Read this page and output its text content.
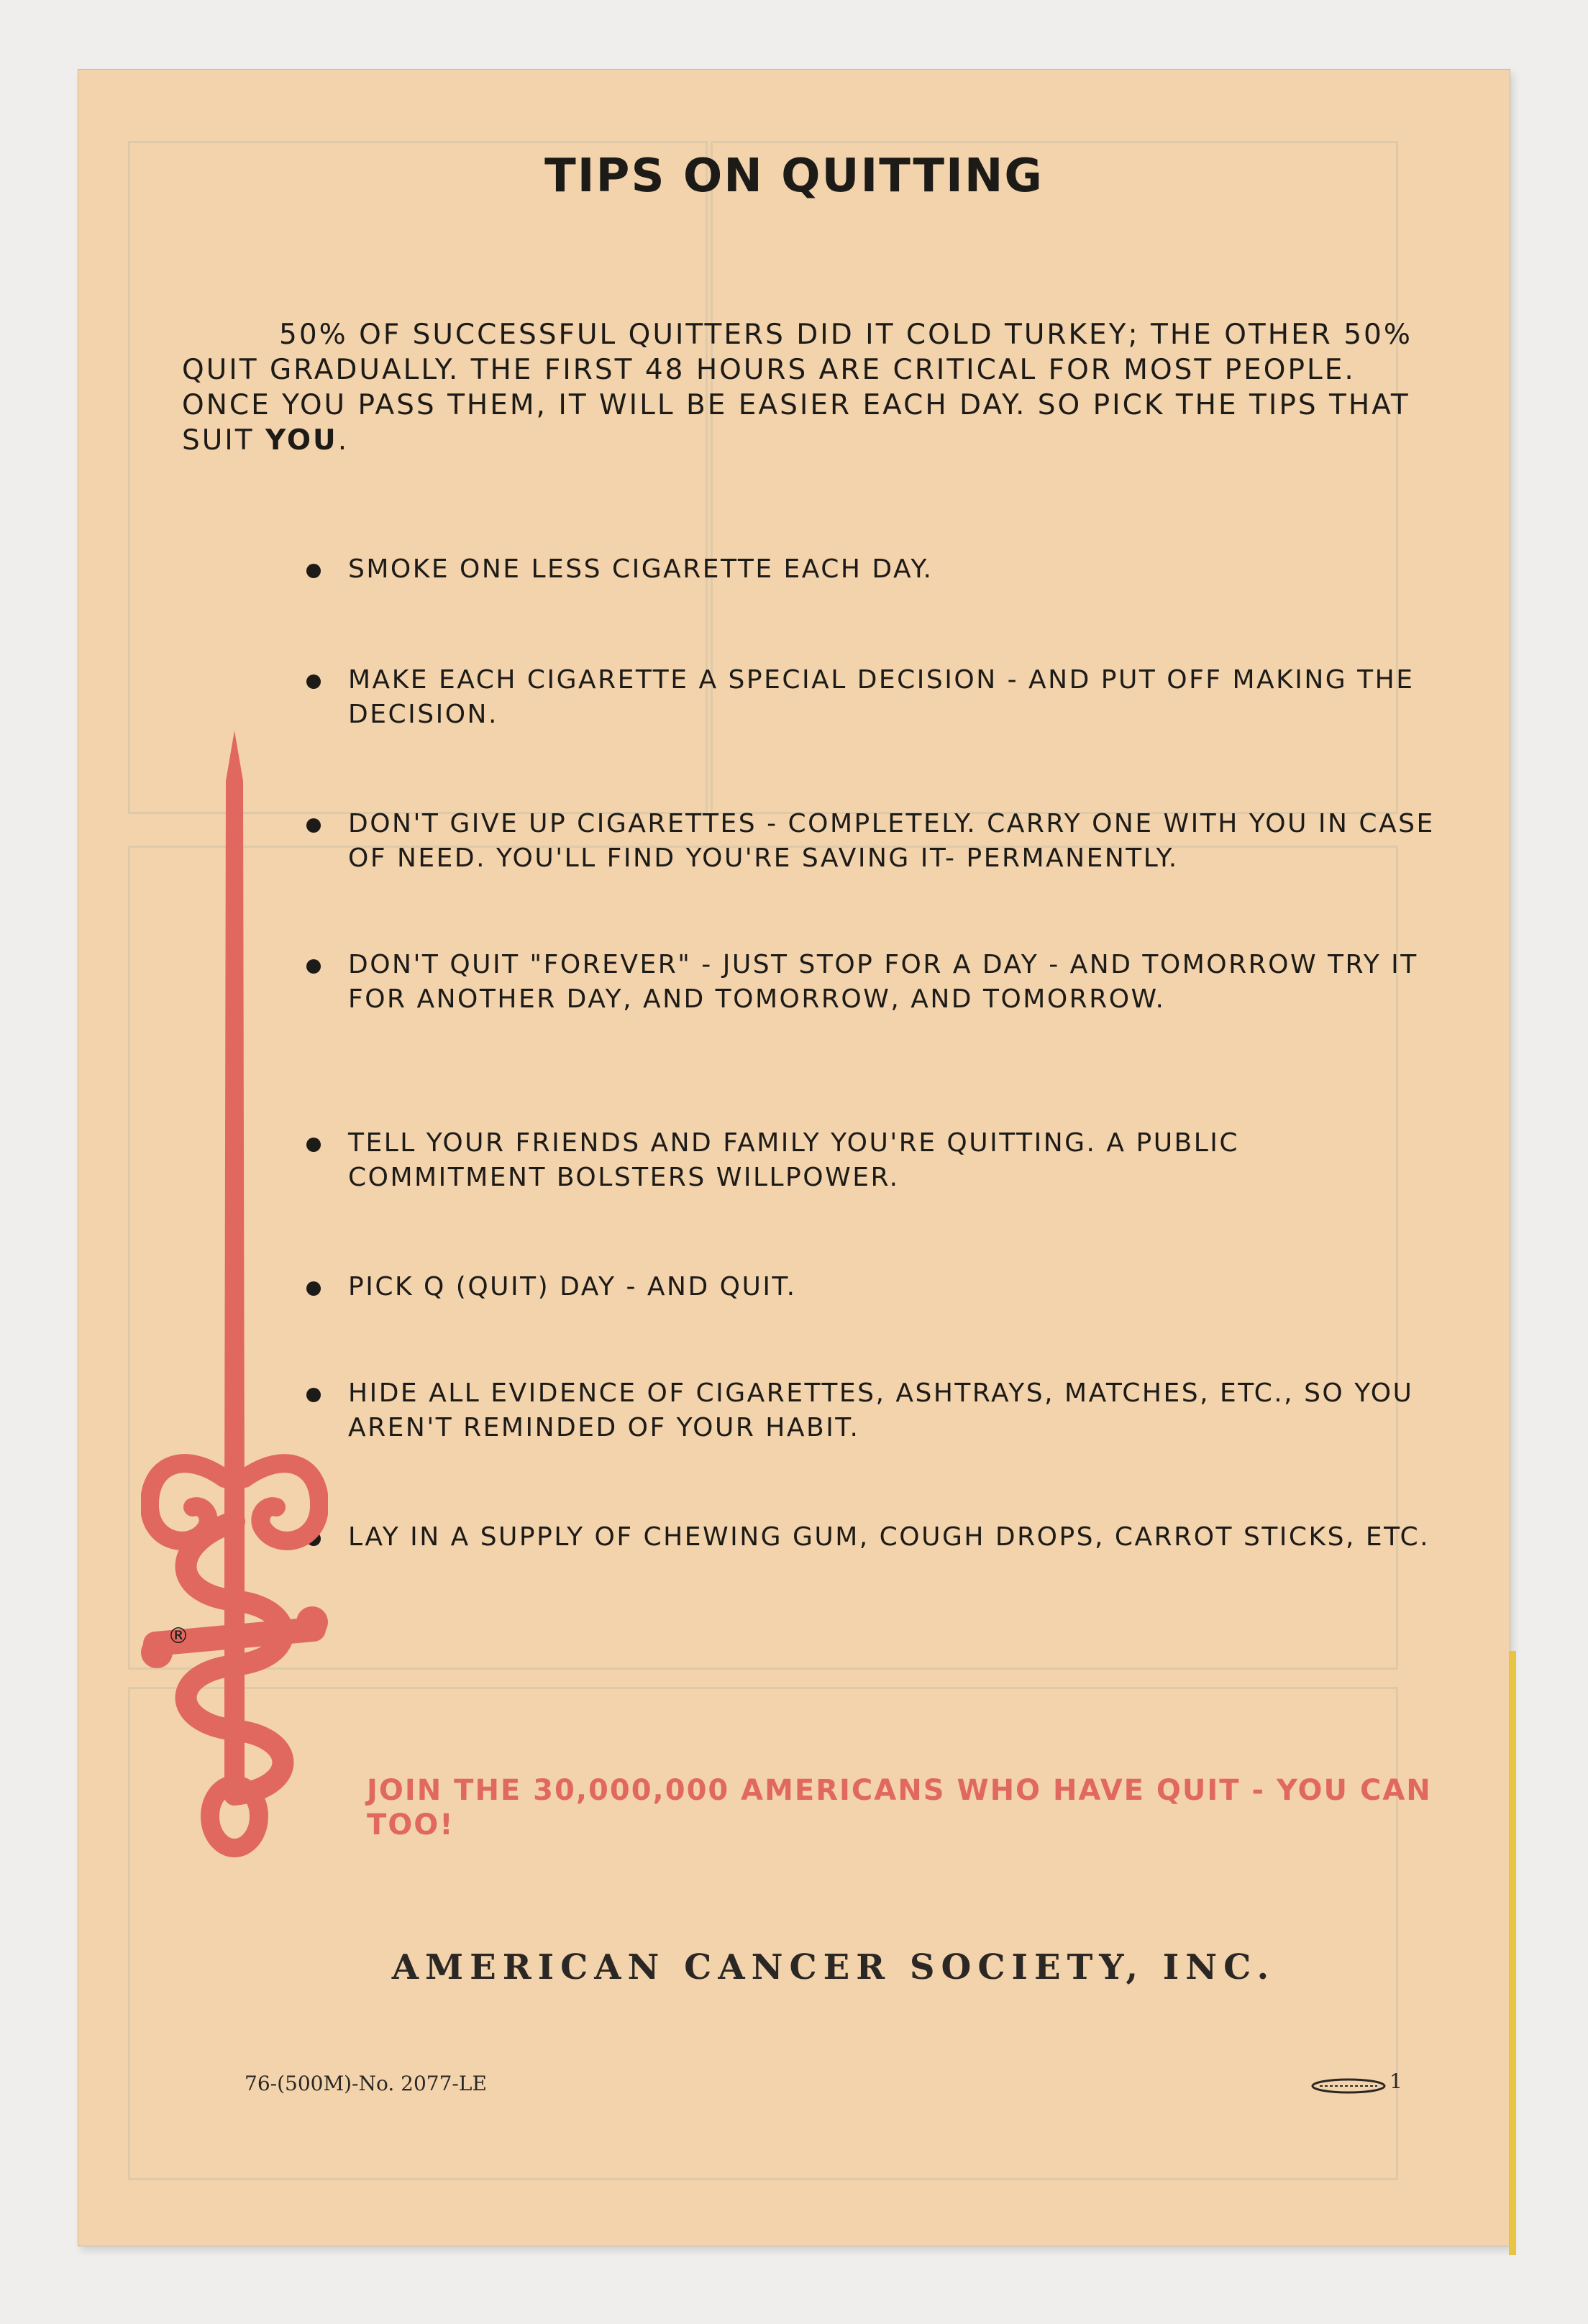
TIPS ON QUITTING

50% OF SUCCESSFUL QUITTERS DID IT COLD TURKEY; THE OTHER 50% QUIT GRADUALLY. THE FIRST 48 HOURS ARE CRITICAL FOR MOST PEOPLE. ONCE YOU PASS THEM, IT WILL BE EASIER EACH DAY. SO PICK THE TIPS THAT SUIT YOU.

SMOKE ONE LESS CIGARETTE EACH DAY.
MAKE EACH CIGARETTE A SPECIAL DECISION - AND PUT OFF MAKING THE DECISION.
DON'T GIVE UP CIGARETTES - COMPLETELY. CARRY ONE WITH YOU IN CASE OF NEED. YOU'LL FIND YOU'RE SAVING IT- PERMANENTLY.
DON'T QUIT "FOREVER" - JUST STOP FOR A DAY - AND TOMORROW TRY IT FOR ANOTHER DAY, AND TOMORROW, AND TOMORROW.
TELL YOUR FRIENDS AND FAMILY YOU'RE QUITTING. A PUBLIC COMMITMENT BOLSTERS WILLPOWER.
PICK Q (QUIT) DAY - AND QUIT.
HIDE ALL EVIDENCE OF CIGARETTES, ASHTRAYS, MATCHES, ETC., SO YOU AREN'T REMINDED OF YOUR HABIT.
LAY IN A SUPPLY OF CHEWING GUM, COUGH DROPS, CARROT STICKS, ETC.
®
JOIN THE 30,000,000 AMERICANS WHO HAVE QUIT - YOU CAN TOO!
AMERICAN CANCER SOCIETY, INC.
76-(500M)-No. 2077-LE	1
